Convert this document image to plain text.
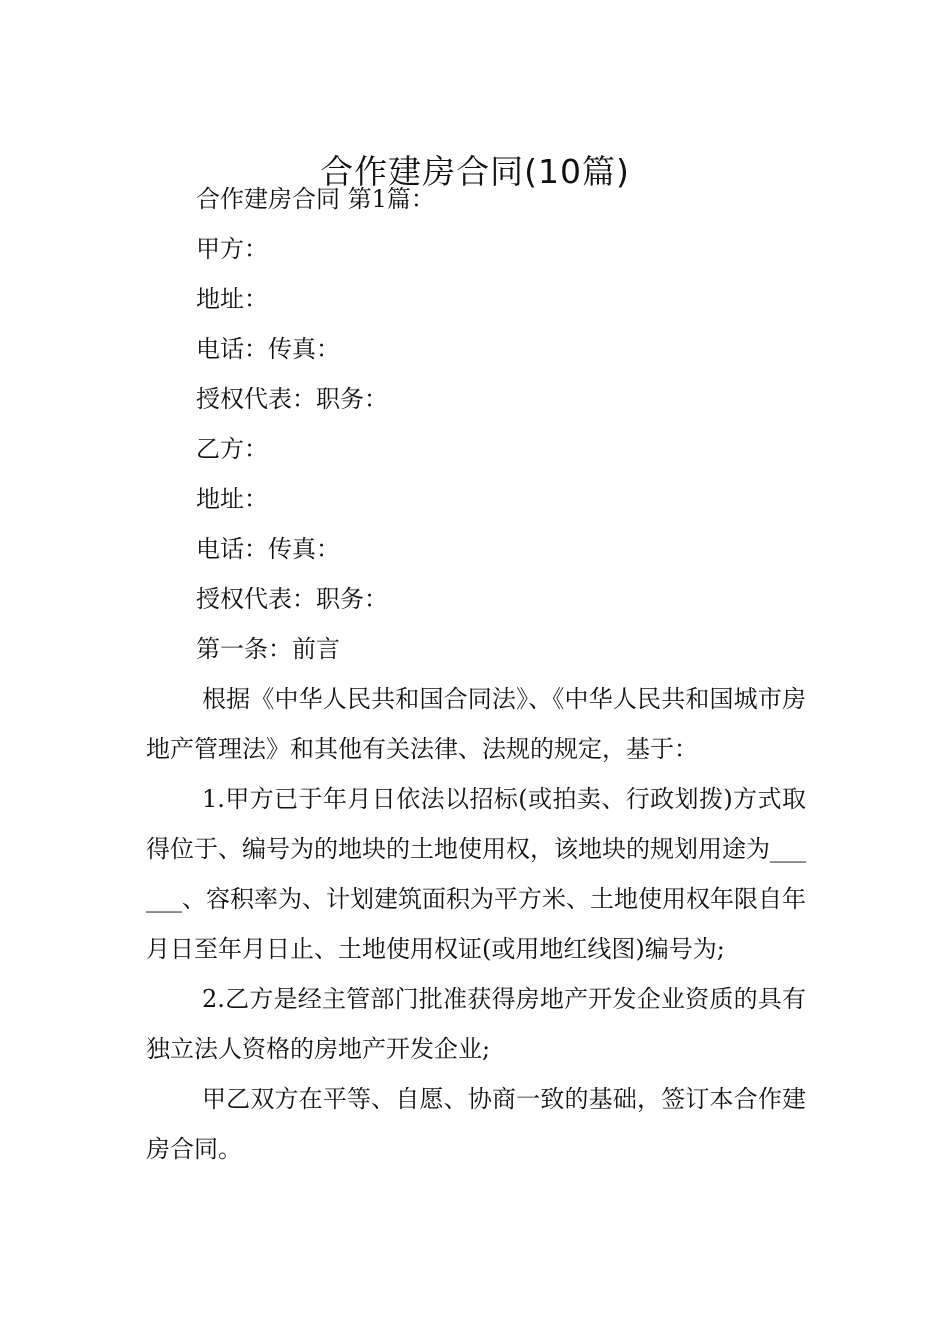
合作建房合同(10篇)

合作建房合同 第1篇：

甲方：

地址：

电话：传真：

授权代表：职务：

乙方：

地址：

电话：传真：

授权代表：职务：

第一条：前言

根据《中华人民共和国合同法》、《中华人民共和国城市房地产管理法》和其他有关法律、法规的规定，基于：

1.甲方已于年月日依法以招标(或拍卖、行政划拨)方式取得位于、编号为的地块的土地使用权，该地块的规划用途为______、容积率为、计划建筑面积为平方米、土地使用权年限自年月日至年月日止、土地使用权证(或用地红线图)编号为;

2.乙方是经主管部门批准获得房地产开发企业资质的具有独立法人资格的房地产开发企业;

甲乙双方在平等、自愿、协商一致的基础，签订本合作建房合同。
